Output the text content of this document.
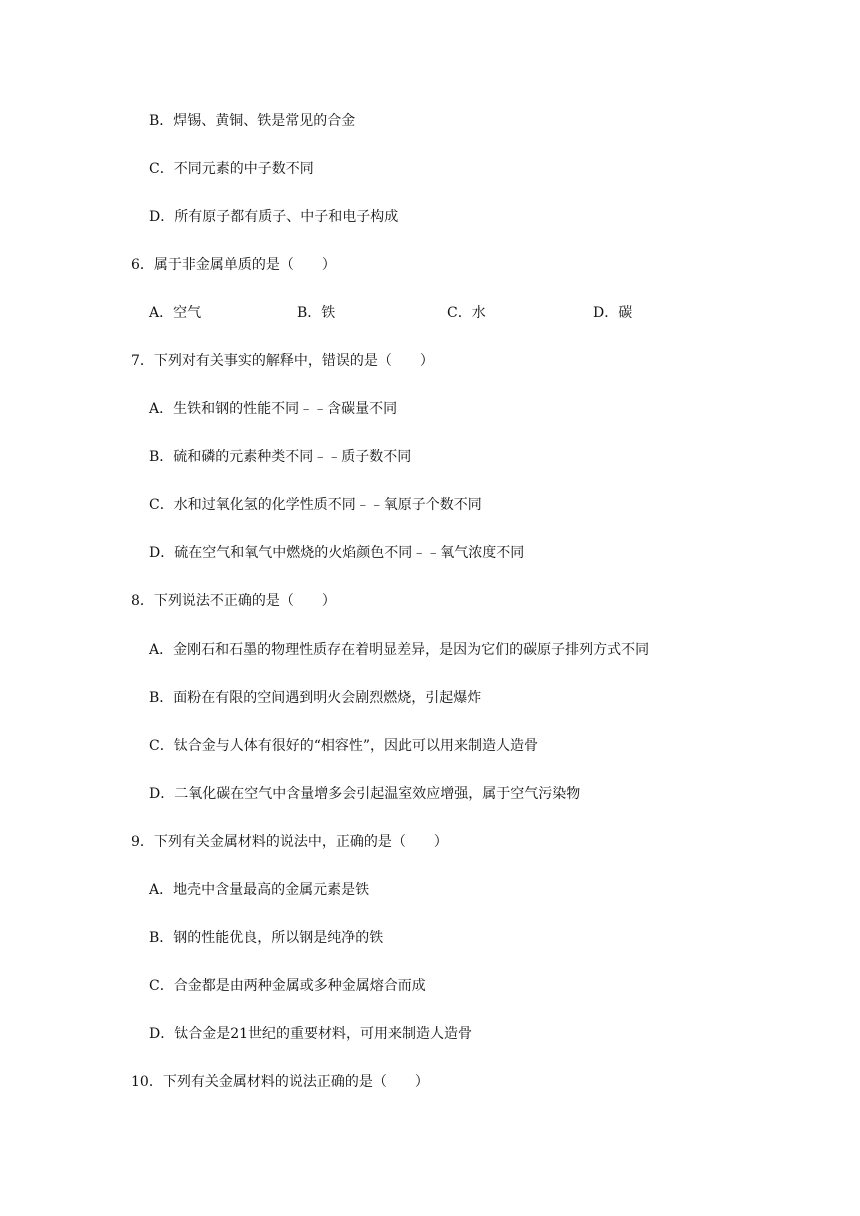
B．焊锡、黄铜、铁是常见的合金
C．不同元素的中子数不同
D．所有原子都有质子、中子和电子构成
6．属于非金属单质的是（　　）
A．空气	B．铁	C．水	D．碳
7．下列对有关事实的解释中，错误的是（　　）
A．生铁和钢的性能不同﹣﹣含碳量不同
B．硫和磷的元素种类不同﹣﹣质子数不同
C．水和过氧化氢的化学性质不同﹣﹣氧原子个数不同
D．硫在空气和氧气中燃烧的火焰颜色不同﹣﹣氧气浓度不同
8．下列说法不正确的是（　　）
A．金刚石和石墨的物理性质存在着明显差异，是因为它们的碳原子排列方式不同
B．面粉在有限的空间遇到明火会剧烈燃烧，引起爆炸
C．钛合金与人体有很好的“相容性”，因此可以用来制造人造骨
D．二氧化碳在空气中含量增多会引起温室效应增强，属于空气污染物
9．下列有关金属材料的说法中，正确的是（　　）
A．地壳中含量最高的金属元素是铁
B．钢的性能优良，所以钢是纯净的铁
C．合金都是由两种金属或多种金属熔合而成
D．钛合金是21世纪的重要材料，可用来制造人造骨
10．下列有关金属材料的说法正确的是（　　）
